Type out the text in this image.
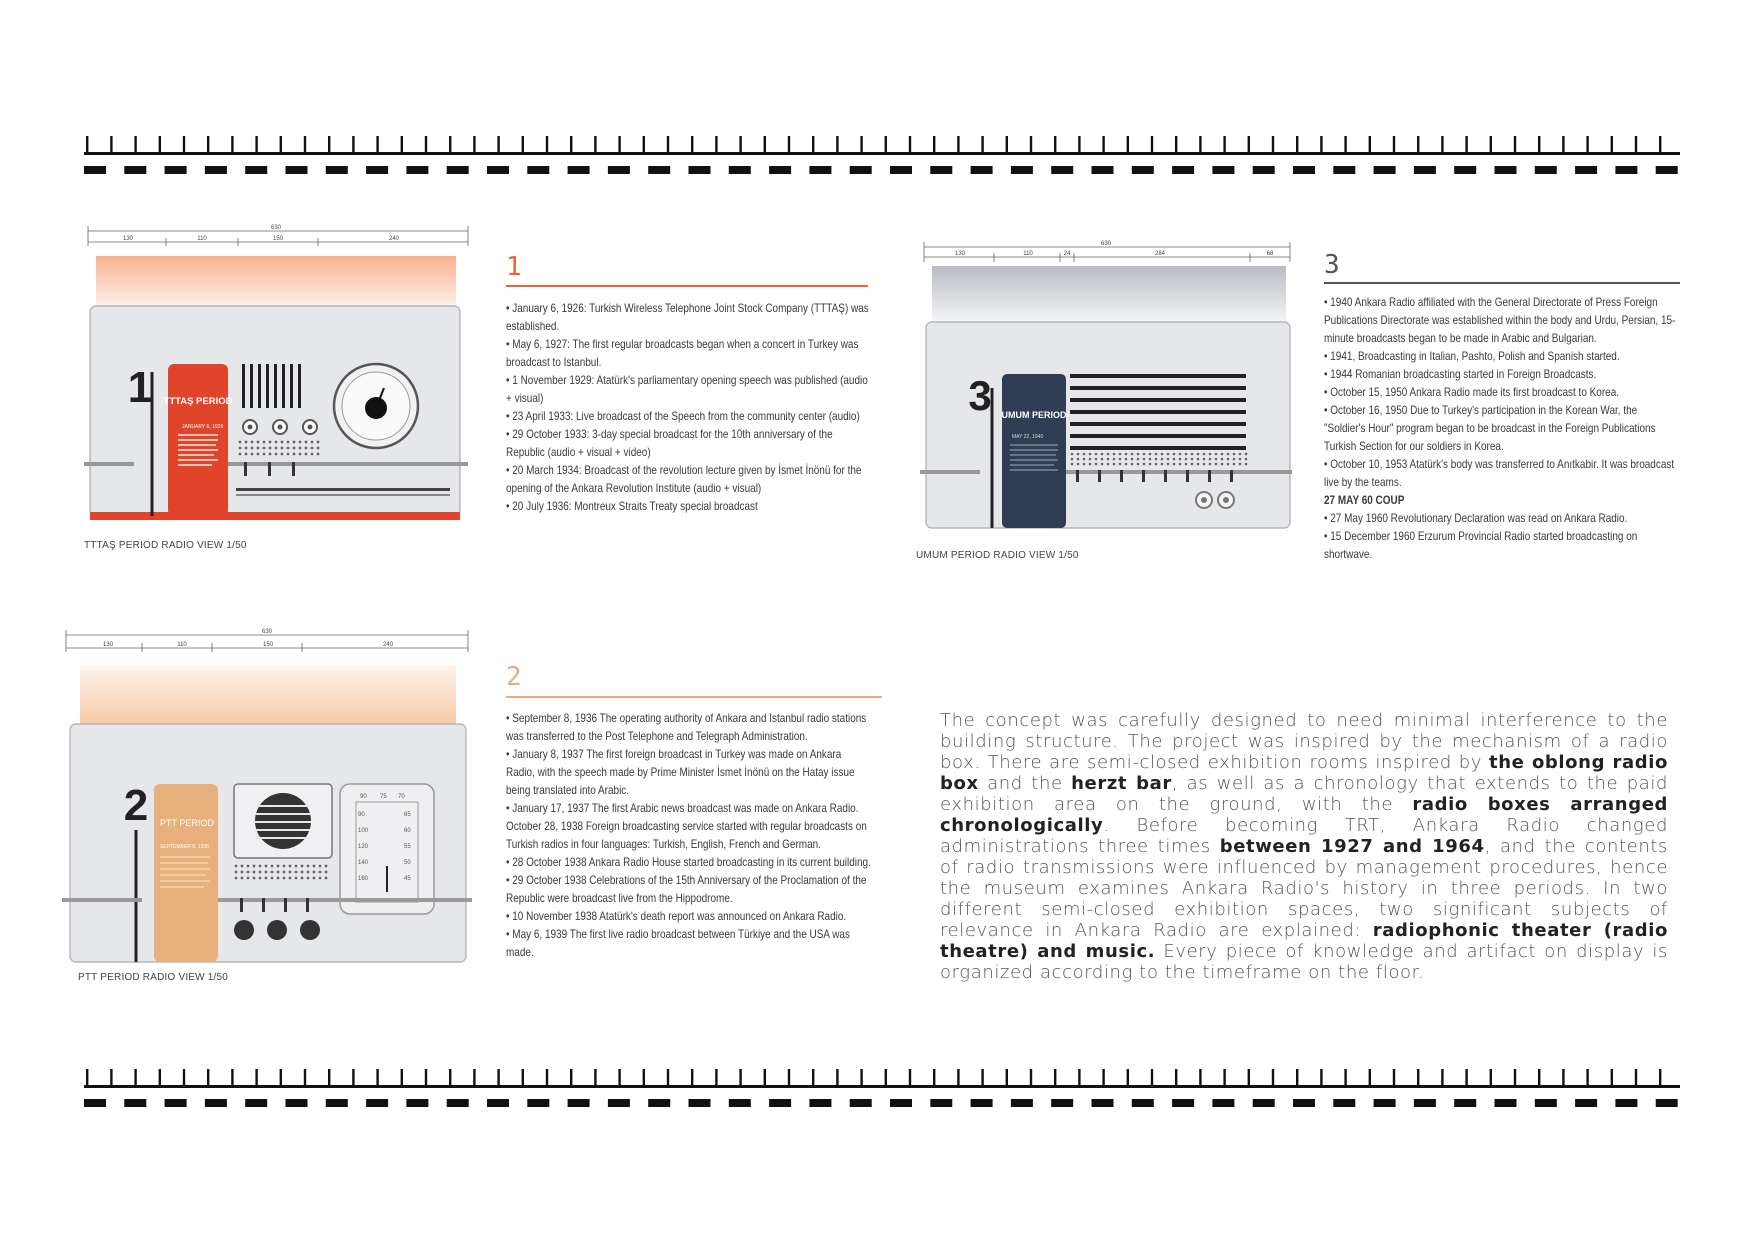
630
130	110	150	240
1 TTTAŞ PERIOD
JANUARY 6, 1926
TTTAŞ PERIOD RADIO VIEW 1/50
1

• January 6, 1926: Turkish Wireless Telephone Joint Stock Company (TTTAŞ) was established.

• May 6, 1927: The first regular broadcasts began when a concert in Turkey was broadcast to Istanbul.

• 1 November 1929: Atatürk's parliamentary opening speech was published (audio + visual)

• 23 April 1933: Live broadcast of the Speech from the community center (audio)

• 29 October 1933: 3-day special broadcast for the 10th anniversary of the Republic (audio + visual + video)

• 20 March 1934: Broadcast of the revolution lecture given by İsmet İnönü for the opening of the Ankara Revolution Institute (audio + visual)

• 20 July 1936: Montreux Straits Treaty special broadcast

630
130	110	24	284	68
3 UMUM PERIOD
MAY 22, 1940
UMUM PERIOD RADIO VIEW 1/50
3

• 1940 Ankara Radio affiliated with the General Directorate of Press Foreign Publications Directorate was established within the body and Urdu, Persian, 15-minute broadcasts began to be made in Arabic and Bulgarian.

• 1941, Broadcasting in Italian, Pashto, Polish and Spanish started.

• 1944 Romanian broadcasting started in Foreign Broadcasts.

• October 15, 1950 Ankara Radio made its first broadcast to Korea.

• October 16, 1950 Due to Turkey's participation in the Korean War, the "Soldier's Hour" program began to be broadcast in the Foreign Publications Turkish Section for our soldiers in Korea.

• October 10, 1953 Atatürk's body was transferred to Anıtkabir. It was broadcast live by the teams.

27 MAY 60 COUP

• 27 May 1960 Revolutionary Declaration was read on Ankara Radio.

• 15 December 1960 Erzurum Provincial Radio started broadcasting on shortwave.

630
130	110	150	240
2 PTT PERIOD
SEPTEMBER 8, 1936
90 75 70
90	65
100	60
120	55
140	50
160	45
PTT PERIOD RADIO VIEW 1/50
2

• September 8, 1936 The operating authority of Ankara and Istanbul radio stations was transferred to the Post Telephone and Telegraph Administration.

• January 8, 1937 The first foreign broadcast in Turkey was made on Ankara Radio, with the speech made by Prime Minister İsmet İnönü on the Hatay issue being translated into Arabic.

• January 17, 1937 The first Arabic news broadcast was made on Ankara Radio. October 28, 1938 Foreign broadcasting service started with regular broadcasts on Turkish radios in four languages: Turkish, English, French and German.

• 28 October 1938 Ankara Radio House started broadcasting in its current building.

• 29 October 1938 Celebrations of the 15th Anniversary of the Proclamation of the Republic were broadcast live from the Hippodrome.

• 10 November 1938 Atatürk's death report was announced on Ankara Radio.

• May 6, 1939 The first live radio broadcast between Türkiye and the USA was made.

The concept was carefully designed to need minimal interference to the building structure. The project was inspired by the mechanism of a radio box. There are semi-closed exhibition rooms inspired by the oblong radio box and the herzt bar, as well as a chronology that extends to the paid exhibition area on the ground, with the radio boxes arranged chronologically. Before becoming TRT, Ankara Radio changed administrations three times between 1927 and 1964, and the contents of radio transmissions were influenced by management procedures, hence the museum examines Ankara Radio's history in three periods. In two different semi-closed exhibition spaces, two significant subjects of relevance in Ankara Radio are explained: radiophonic theater (radio theatre) and music. Every piece of knowledge and artifact on display is organized according to the timeframe on the floor.
